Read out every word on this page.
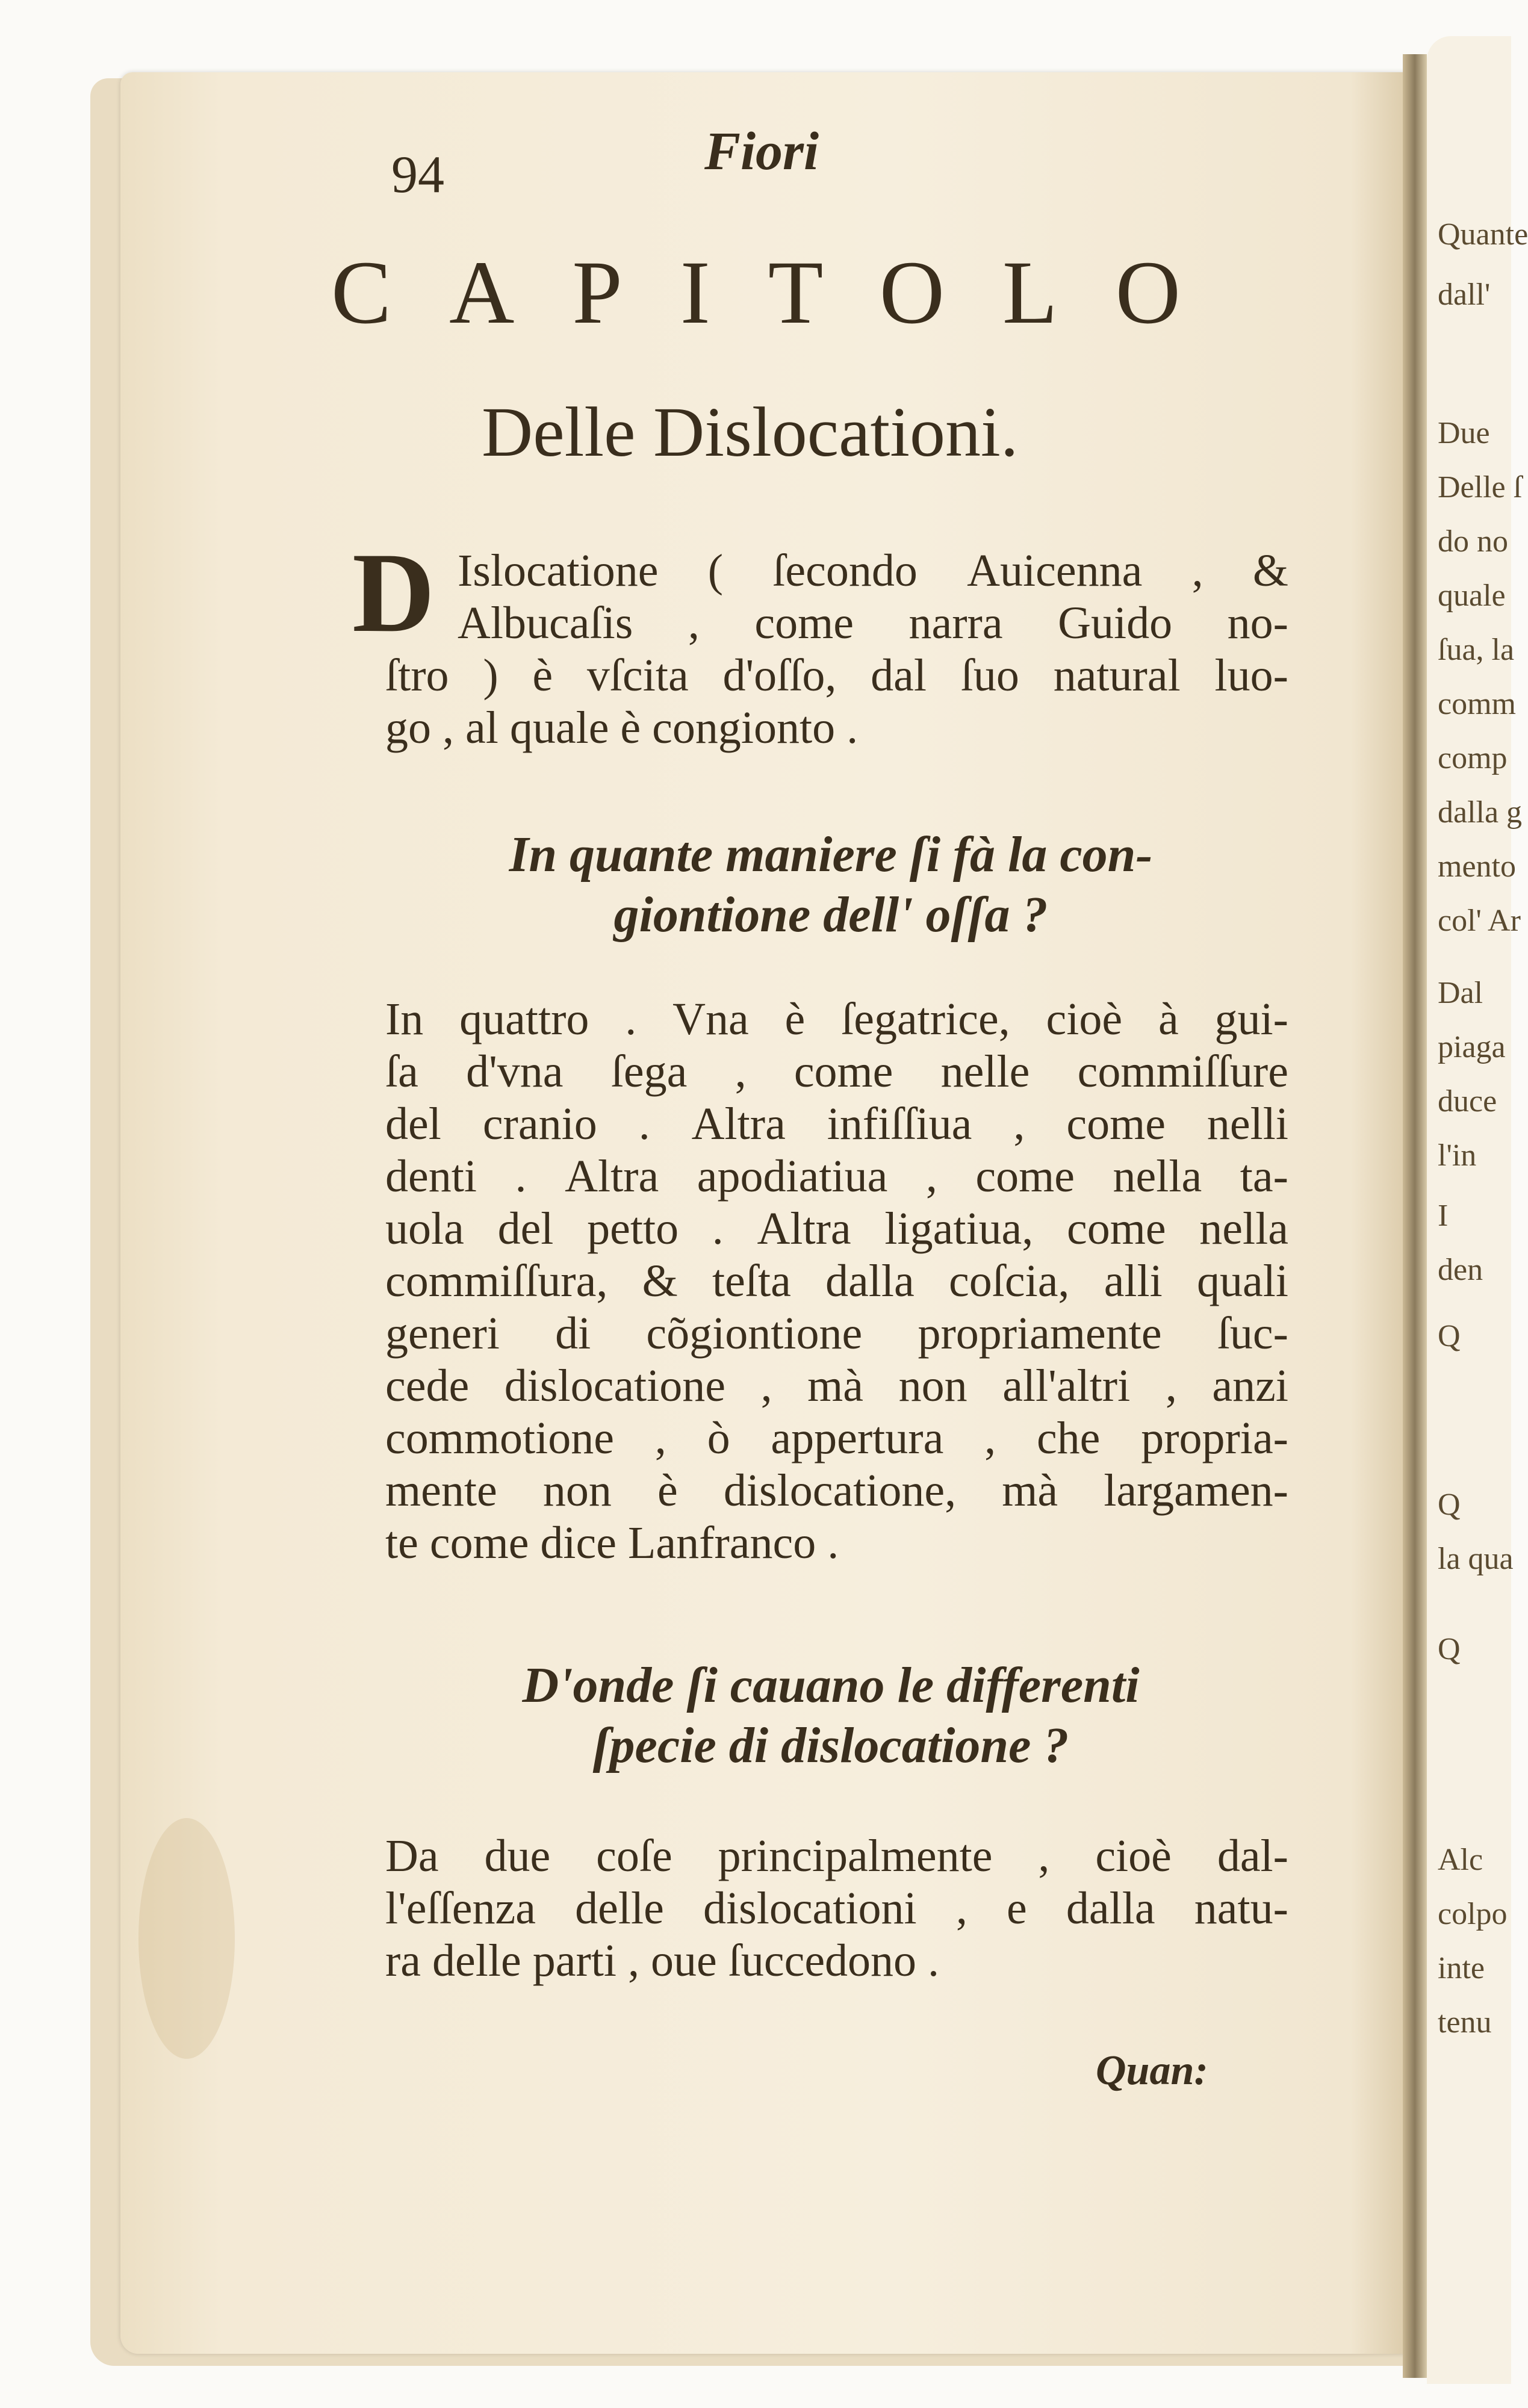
Quante
dall'
Due
Delle ſ
do no
quale
ſua, la
comm
comp
dalla g
mento
col' Ar
Dal
piaga
duce
l'in
I
den
Q
Q
la qua
Q
Alc
colpo
inte
tenu
94	Fiori
CAPITOLO
Delle Dislocationi.
D Islocatione ( ſecondo Auicenna , &
Albucaſis , come narra Guido no-
ſtro ) è vſcita d'oſſo, dal ſuo natural luo-
go , al quale è congionto .
In quante maniere ſi fà la con-
giontione dell' oſſa ?
In quattro . Vna è ſegatrice, cioè à gui-
ſa d'vna ſega , come nelle commiſſure
del cranio . Altra infiſſiua , come nelli
denti . Altra apodiatiua , come nella ta-
uola del petto . Altra ligatiua, come nella
commiſſura, & teſta dalla coſcia, alli quali
generi di cõgiontione propriamente ſuc-
cede dislocatione , mà non all'altri , anzi
commotione , ò appertura , che propria-
mente non è dislocatione, mà largamen-
te come dice Lanfranco .
D'onde ſi cauano le differenti
ſpecie di dislocatione ?
Da due coſe principalmente , cioè dal-
l'eſſenza delle dislocationi , e dalla natu-
ra delle parti , oue ſuccedono .
Quan:
